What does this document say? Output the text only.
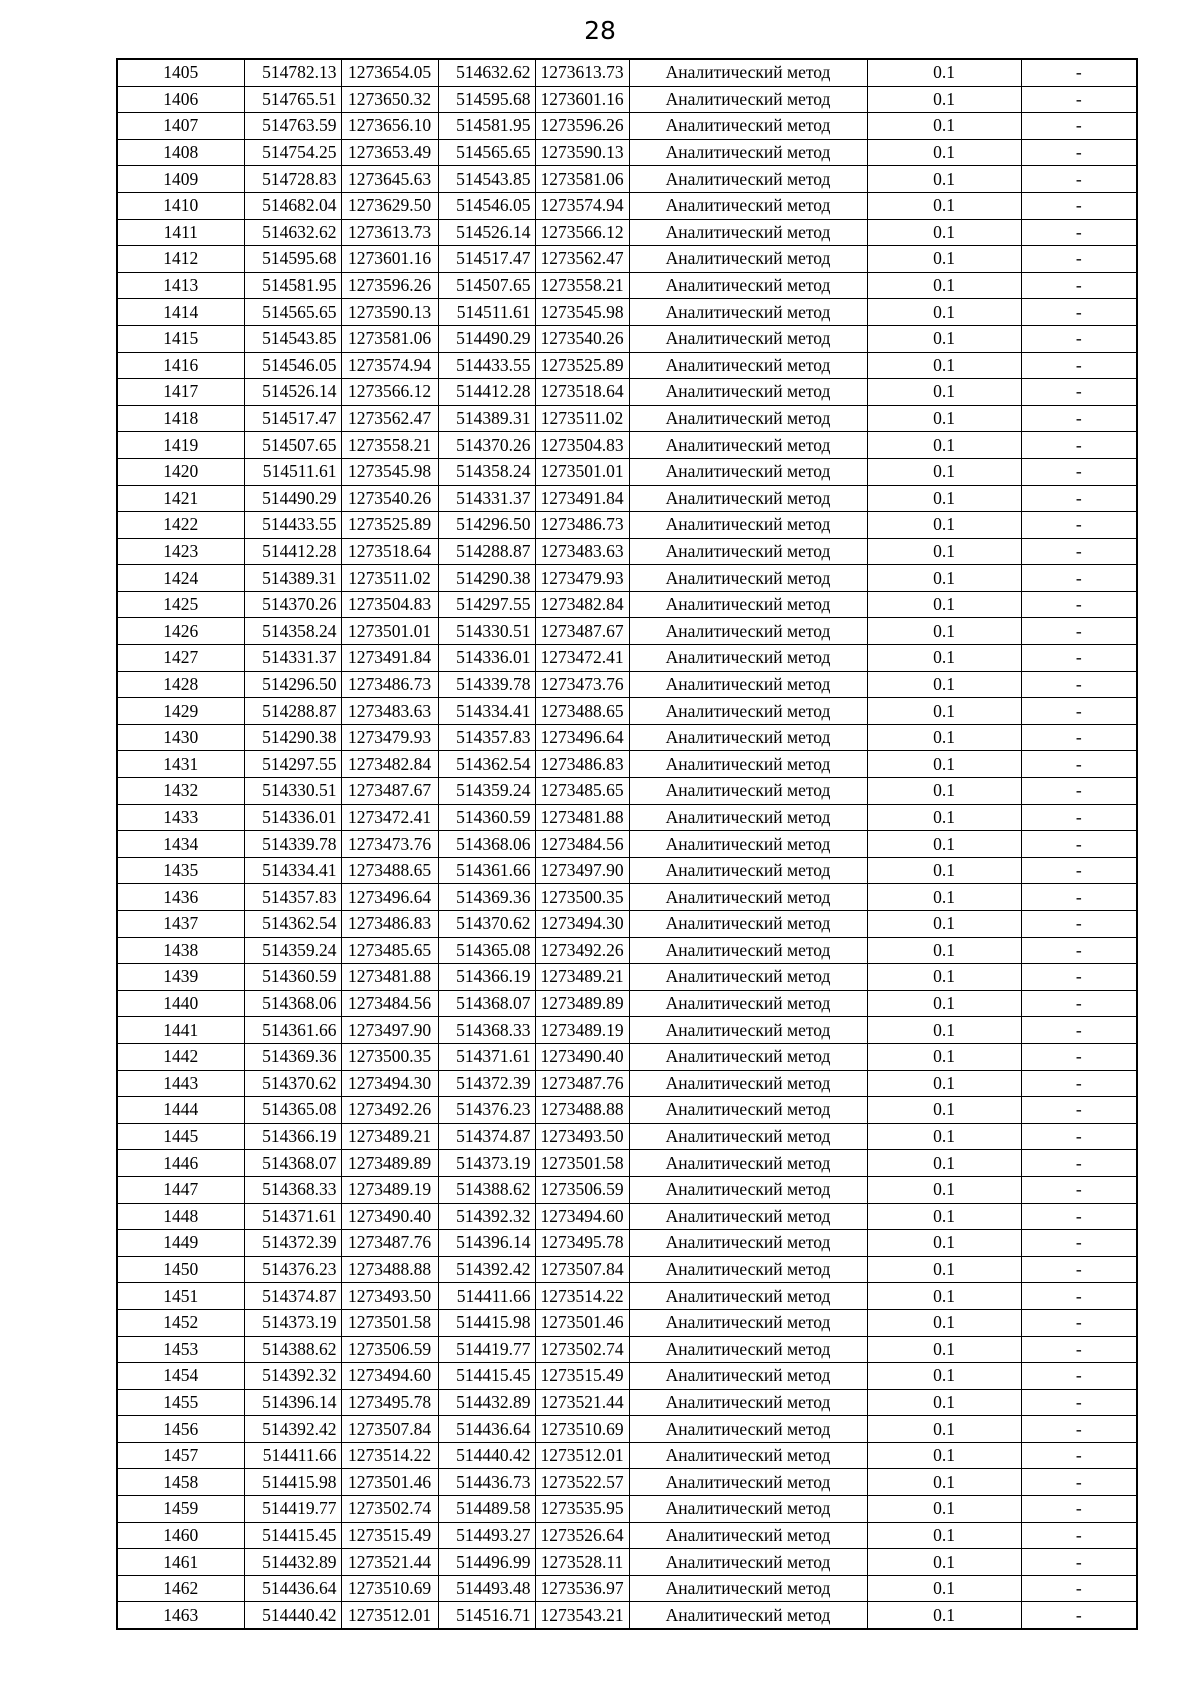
28
1405	514782.13	1273654.05	514632.62	1273613.73	Аналитический метод	0.1	-
1406	514765.51	1273650.32	514595.68	1273601.16	Аналитический метод	0.1	-
1407	514763.59	1273656.10	514581.95	1273596.26	Аналитический метод	0.1	-
1408	514754.25	1273653.49	514565.65	1273590.13	Аналитический метод	0.1	-
1409	514728.83	1273645.63	514543.85	1273581.06	Аналитический метод	0.1	-
1410	514682.04	1273629.50	514546.05	1273574.94	Аналитический метод	0.1	-
1411	514632.62	1273613.73	514526.14	1273566.12	Аналитический метод	0.1	-
1412	514595.68	1273601.16	514517.47	1273562.47	Аналитический метод	0.1	-
1413	514581.95	1273596.26	514507.65	1273558.21	Аналитический метод	0.1	-
1414	514565.65	1273590.13	514511.61	1273545.98	Аналитический метод	0.1	-
1415	514543.85	1273581.06	514490.29	1273540.26	Аналитический метод	0.1	-
1416	514546.05	1273574.94	514433.55	1273525.89	Аналитический метод	0.1	-
1417	514526.14	1273566.12	514412.28	1273518.64	Аналитический метод	0.1	-
1418	514517.47	1273562.47	514389.31	1273511.02	Аналитический метод	0.1	-
1419	514507.65	1273558.21	514370.26	1273504.83	Аналитический метод	0.1	-
1420	514511.61	1273545.98	514358.24	1273501.01	Аналитический метод	0.1	-
1421	514490.29	1273540.26	514331.37	1273491.84	Аналитический метод	0.1	-
1422	514433.55	1273525.89	514296.50	1273486.73	Аналитический метод	0.1	-
1423	514412.28	1273518.64	514288.87	1273483.63	Аналитический метод	0.1	-
1424	514389.31	1273511.02	514290.38	1273479.93	Аналитический метод	0.1	-
1425	514370.26	1273504.83	514297.55	1273482.84	Аналитический метод	0.1	-
1426	514358.24	1273501.01	514330.51	1273487.67	Аналитический метод	0.1	-
1427	514331.37	1273491.84	514336.01	1273472.41	Аналитический метод	0.1	-
1428	514296.50	1273486.73	514339.78	1273473.76	Аналитический метод	0.1	-
1429	514288.87	1273483.63	514334.41	1273488.65	Аналитический метод	0.1	-
1430	514290.38	1273479.93	514357.83	1273496.64	Аналитический метод	0.1	-
1431	514297.55	1273482.84	514362.54	1273486.83	Аналитический метод	0.1	-
1432	514330.51	1273487.67	514359.24	1273485.65	Аналитический метод	0.1	-
1433	514336.01	1273472.41	514360.59	1273481.88	Аналитический метод	0.1	-
1434	514339.78	1273473.76	514368.06	1273484.56	Аналитический метод	0.1	-
1435	514334.41	1273488.65	514361.66	1273497.90	Аналитический метод	0.1	-
1436	514357.83	1273496.64	514369.36	1273500.35	Аналитический метод	0.1	-
1437	514362.54	1273486.83	514370.62	1273494.30	Аналитический метод	0.1	-
1438	514359.24	1273485.65	514365.08	1273492.26	Аналитический метод	0.1	-
1439	514360.59	1273481.88	514366.19	1273489.21	Аналитический метод	0.1	-
1440	514368.06	1273484.56	514368.07	1273489.89	Аналитический метод	0.1	-
1441	514361.66	1273497.90	514368.33	1273489.19	Аналитический метод	0.1	-
1442	514369.36	1273500.35	514371.61	1273490.40	Аналитический метод	0.1	-
1443	514370.62	1273494.30	514372.39	1273487.76	Аналитический метод	0.1	-
1444	514365.08	1273492.26	514376.23	1273488.88	Аналитический метод	0.1	-
1445	514366.19	1273489.21	514374.87	1273493.50	Аналитический метод	0.1	-
1446	514368.07	1273489.89	514373.19	1273501.58	Аналитический метод	0.1	-
1447	514368.33	1273489.19	514388.62	1273506.59	Аналитический метод	0.1	-
1448	514371.61	1273490.40	514392.32	1273494.60	Аналитический метод	0.1	-
1449	514372.39	1273487.76	514396.14	1273495.78	Аналитический метод	0.1	-
1450	514376.23	1273488.88	514392.42	1273507.84	Аналитический метод	0.1	-
1451	514374.87	1273493.50	514411.66	1273514.22	Аналитический метод	0.1	-
1452	514373.19	1273501.58	514415.98	1273501.46	Аналитический метод	0.1	-
1453	514388.62	1273506.59	514419.77	1273502.74	Аналитический метод	0.1	-
1454	514392.32	1273494.60	514415.45	1273515.49	Аналитический метод	0.1	-
1455	514396.14	1273495.78	514432.89	1273521.44	Аналитический метод	0.1	-
1456	514392.42	1273507.84	514436.64	1273510.69	Аналитический метод	0.1	-
1457	514411.66	1273514.22	514440.42	1273512.01	Аналитический метод	0.1	-
1458	514415.98	1273501.46	514436.73	1273522.57	Аналитический метод	0.1	-
1459	514419.77	1273502.74	514489.58	1273535.95	Аналитический метод	0.1	-
1460	514415.45	1273515.49	514493.27	1273526.64	Аналитический метод	0.1	-
1461	514432.89	1273521.44	514496.99	1273528.11	Аналитический метод	0.1	-
1462	514436.64	1273510.69	514493.48	1273536.97	Аналитический метод	0.1	-
1463	514440.42	1273512.01	514516.71	1273543.21	Аналитический метод	0.1	-
